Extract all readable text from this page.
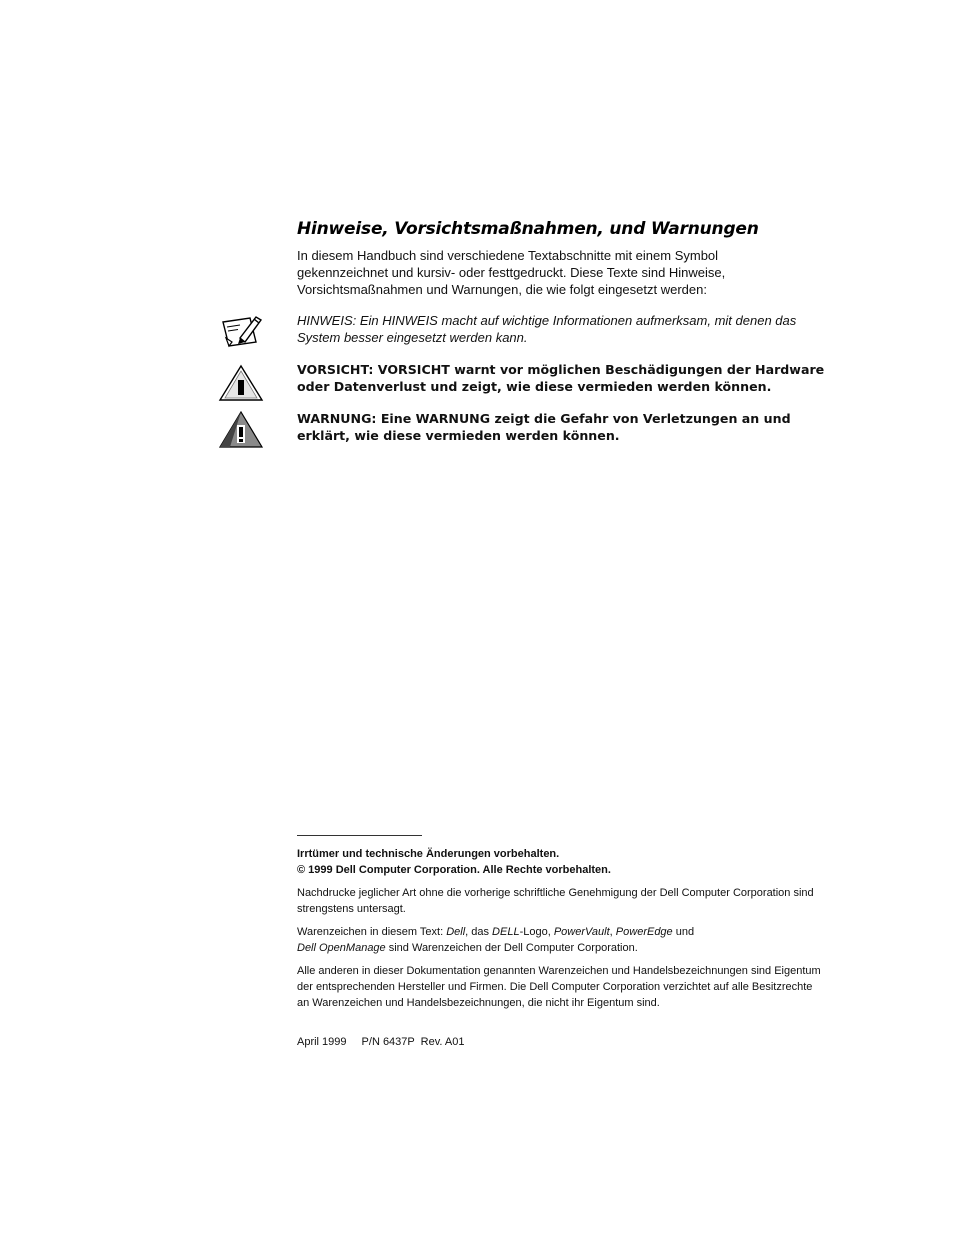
Hinweise, Vorsichtsmaßnahmen, und Warnungen

In diesem Handbuch sind verschiedene Textabschnitte mit einem Symbol gekennzeichnet und kursiv- oder festtgedruckt. Diese Texte sind Hinweise, Vorsichtsmaßnahmen und Warnungen, die wie folgt eingesetzt werden:

HINWEIS: Ein HINWEIS macht auf wichtige Informationen aufmerksam, mit denen das System besser eingesetzt werden kann.

VORSICHT: VORSICHT warnt vor möglichen Beschädigungen der Hardware oder Datenverlust und zeigt, wie diese vermieden werden können.

WARNUNG: Eine WARNUNG zeigt die Gefahr von Verletzungen an und erklärt, wie diese vermieden werden können.

Irrtümer und technische Änderungen vorbehalten.

© 1999 Dell Computer Corporation. Alle Rechte vorbehalten.

Nachdrucke jeglicher Art ohne die vorherige schriftliche Genehmigung der Dell Computer Corporation sind strengstens untersagt.

Warenzeichen in diesem Text: Dell, das DELL-Logo, PowerVault, PowerEdge und
Dell OpenManage sind Warenzeichen der Dell Computer Corporation.

Alle anderen in dieser Dokumentation genannten Warenzeichen und Handelsbezeichnungen sind Eigentum der entsprechenden Hersteller und Firmen. Die Dell Computer Corporation verzichtet auf alle Besitzrechte an Warenzeichen und Handelsbezeichnungen, die nicht ihr Eigentum sind.

April 1999 P/N 6437P  Rev. A01
